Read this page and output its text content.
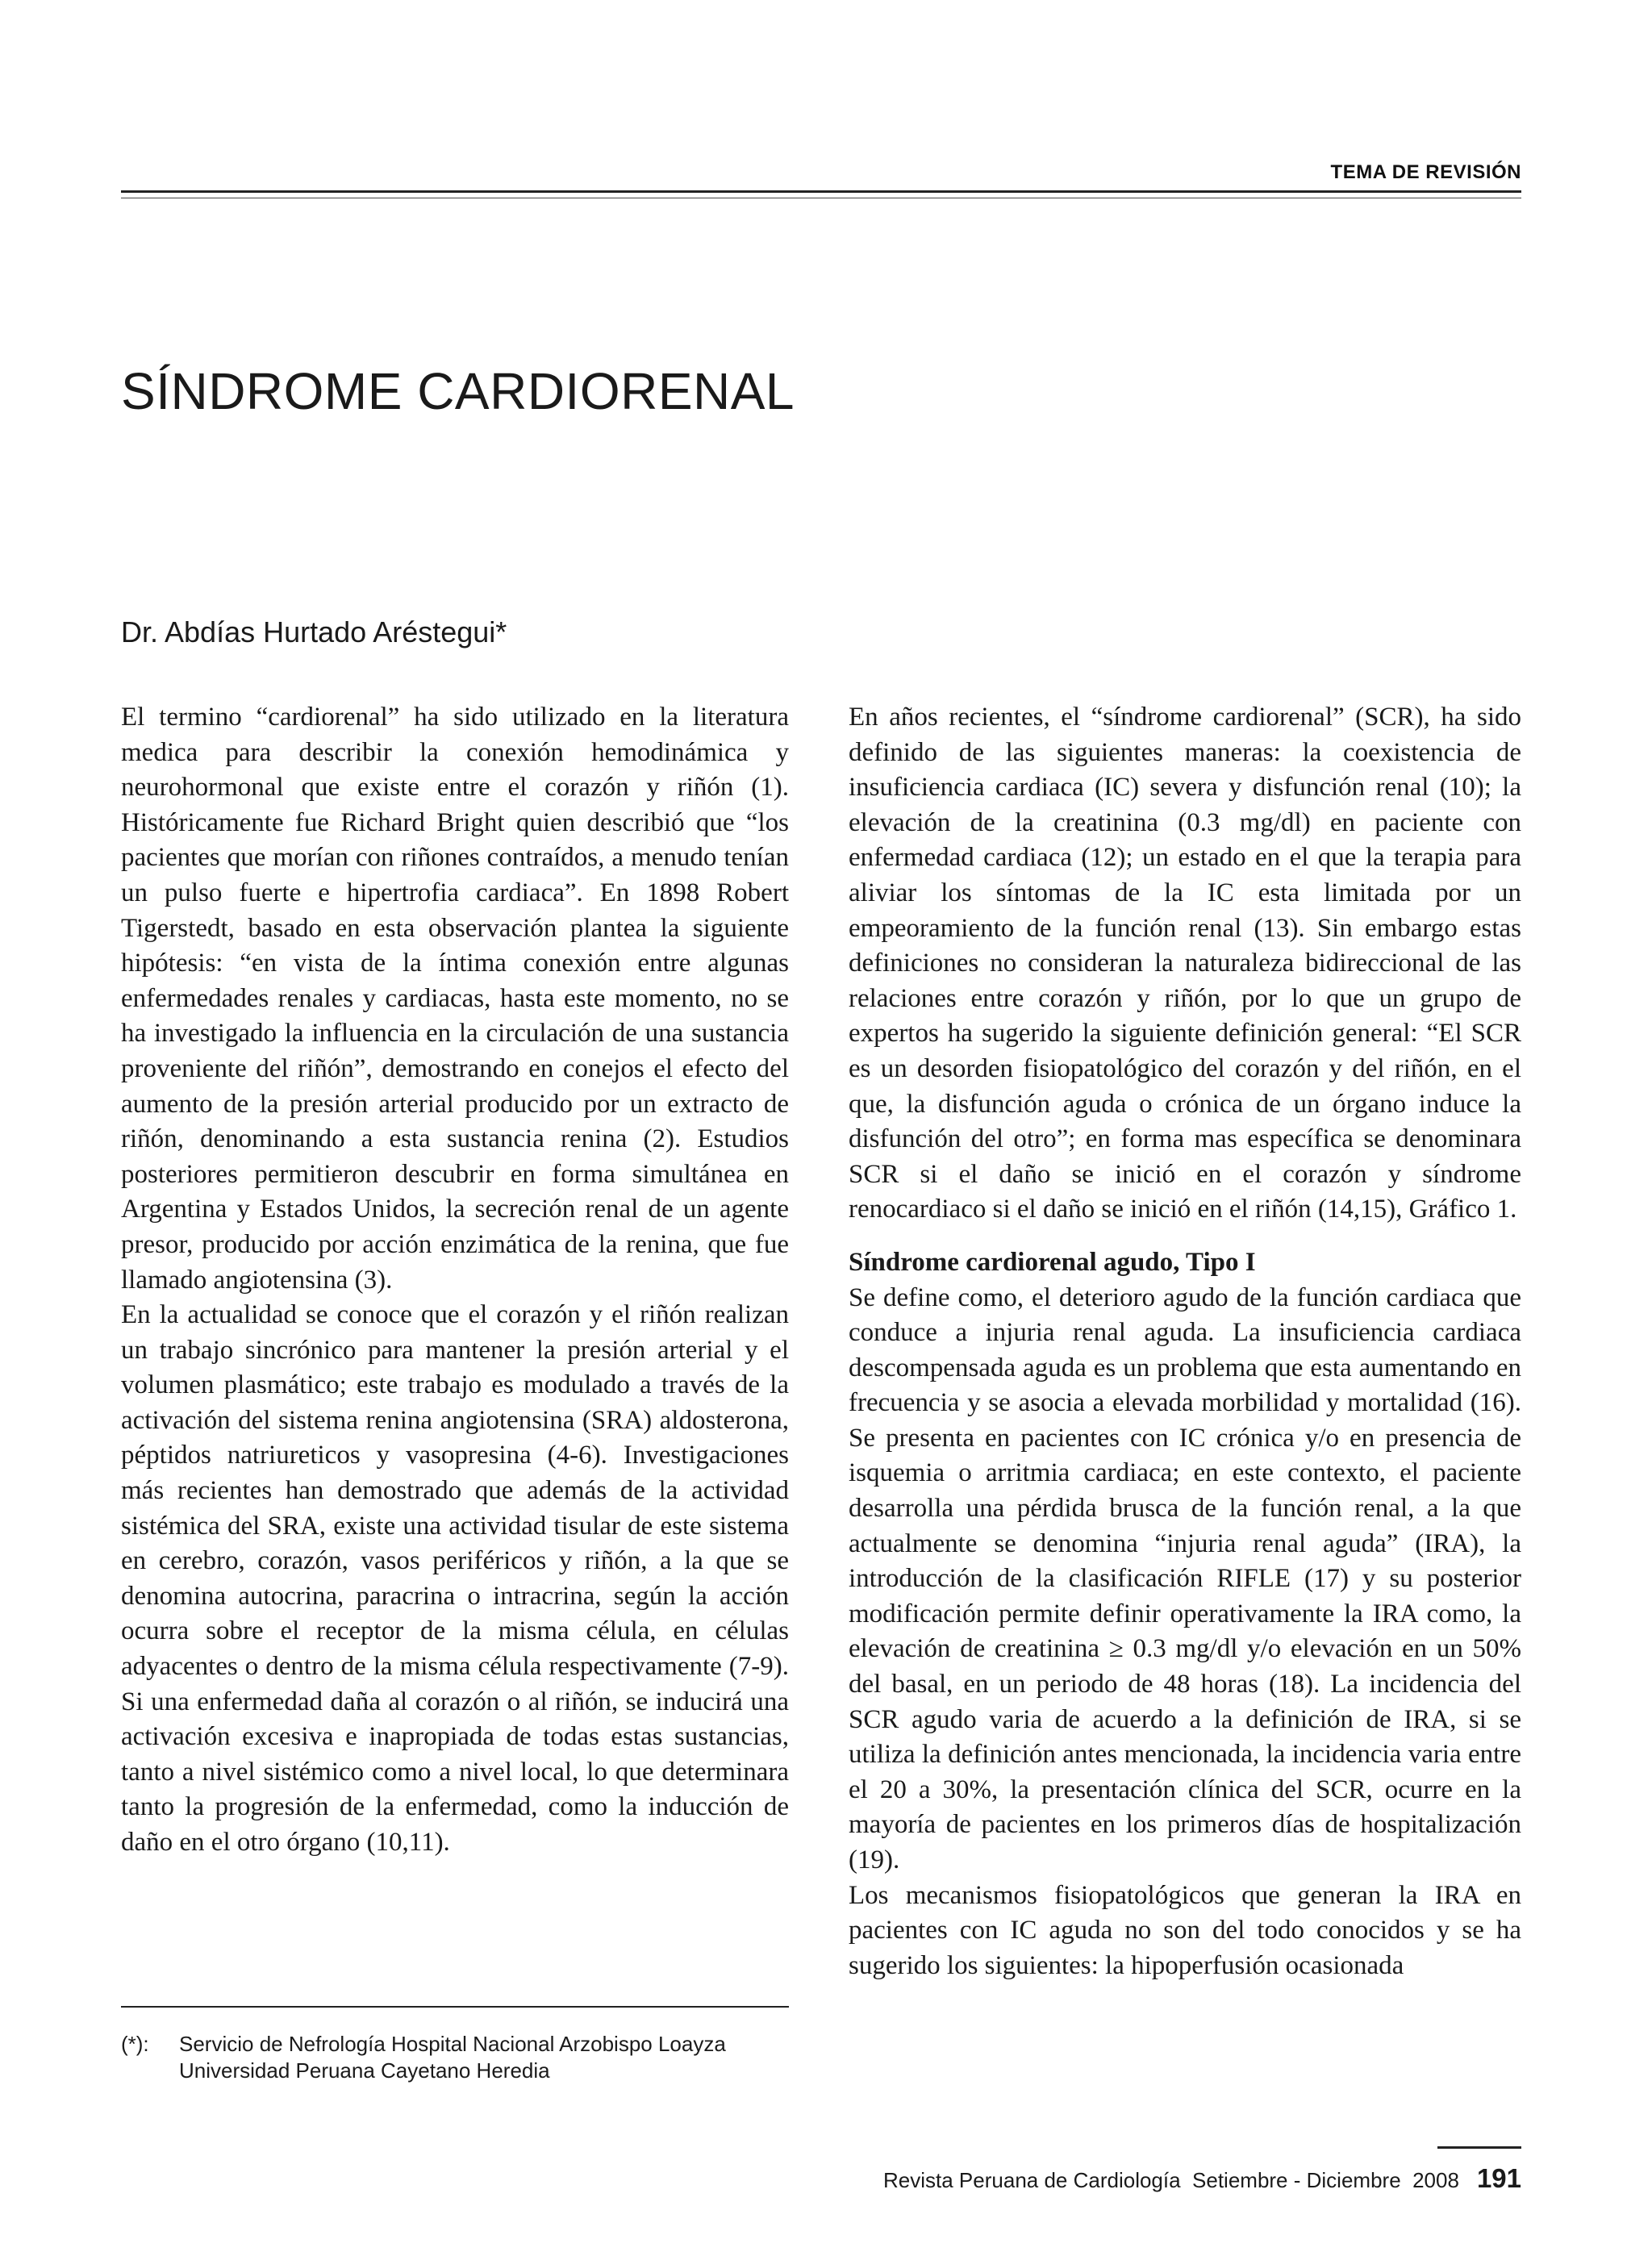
TEMA DE REVISIÓN
SÍNDROME CARDIORENAL
Dr. Abdías Hurtado Aréstegui*

El termino “cardiorenal” ha sido utilizado en la literatura medica para describir la conexión hemodinámica y neurohormonal que existe entre el corazón y riñón (1). Históricamente fue Richard Bright quien describió que “los pacientes que morían con riñones contraídos, a menudo tenían un pulso fuerte e hipertrofia cardiaca”. En 1898 Robert Tigerstedt, basado en esta observación plantea la siguiente hipótesis: “en vista de la íntima conexión entre algunas enfermedades renales y cardiacas, hasta este momento, no se ha investigado la influencia en la circulación de una sustancia proveniente del riñón”, demostrando en conejos el efecto del aumento de la presión arterial producido por un extracto de riñón, denominando a esta sustancia renina (2). Estudios posteriores permitieron descubrir en forma simultánea en Argentina y Estados Unidos, la secreción renal de un agente presor, producido por acción enzimática de la renina, que fue llamado angiotensina (3).

En la actualidad se conoce que el corazón y el riñón realizan un trabajo sincrónico para mantener la presión arterial y el volumen plasmático; este trabajo es modulado a través de la activación del sistema renina angiotensina (SRA) aldosterona, péptidos natriureticos y vasopresina (4-6). Investigaciones más recientes han demostrado que además de la actividad sistémica del SRA, existe una actividad tisular de este sistema en cerebro, corazón, vasos periféricos y riñón, a la que se denomina autocrina, paracrina o intracrina, según la acción ocurra sobre el receptor de la misma célula, en células adyacentes o dentro de la misma célula respectivamente (7-9). Si una enfermedad daña al corazón o al riñón, se inducirá una activación excesiva e inapropiada de todas estas sustancias, tanto a nivel sistémico como a nivel local, lo que determinara tanto la progresión de la enfermedad, como la inducción de daño en el otro órgano (10,11).

En años recientes, el “síndrome cardiorenal” (SCR), ha sido definido de las siguientes maneras: la coexistencia de insuficiencia cardiaca (IC) severa y disfunción renal (10); la elevación de la creatinina (0.3 mg/dl) en paciente con enfermedad cardiaca (12); un estado en el que la terapia para aliviar los síntomas de la IC esta limitada por un empeoramiento de la función renal (13). Sin embargo estas definiciones no consideran la naturaleza bidireccional de las relaciones entre corazón y riñón, por lo que un grupo de expertos ha sugerido la siguiente definición general: “El SCR es un desorden fisiopatológico del corazón y del riñón, en el que, la disfunción aguda o crónica de un órgano induce la disfunción del otro”; en forma mas específica se denominara SCR si el daño se inició en el corazón y síndrome renocardiaco si el daño se inició en el riñón (14,15), Gráfico 1.

Síndrome cardiorenal agudo, Tipo I

Se define como, el deterioro agudo de la función cardiaca que conduce a injuria renal aguda. La insuficiencia cardiaca descompensada aguda es un problema que esta aumentando en frecuencia y se asocia a elevada morbilidad y mortalidad (16). Se presenta en pacientes con IC crónica y/o en presencia de isquemia o arritmia cardiaca; en este contexto, el paciente desarrolla una pérdida brusca de la función renal, a la que actualmente se denomina “injuria renal aguda” (IRA), la introducción de la clasificación RIFLE (17) y su posterior modificación permite definir operativamente la IRA como, la elevación de creatinina ≥ 0.3 mg/dl y/o elevación en un 50% del basal, en un periodo de 48 horas (18). La incidencia del SCR agudo varia de acuerdo a la definición de IRA, si se utiliza la definición antes mencionada, la incidencia varia entre el 20 a 30%, la presentación clínica del SCR, ocurre en la mayoría de pacientes en los primeros días de hospitalización (19).

Los mecanismos fisiopatológicos que generan la IRA en pacientes con IC aguda no son del todo conocidos y se ha sugerido los siguientes: la hipoperfusión ocasionada

(*):	Servicio de Nefrología Hospital Nacional Arzobispo Loayza
Universidad Peruana Cayetano Heredia
Revista Peruana de Cardiología  Setiembre - Diciembre  2008 191
